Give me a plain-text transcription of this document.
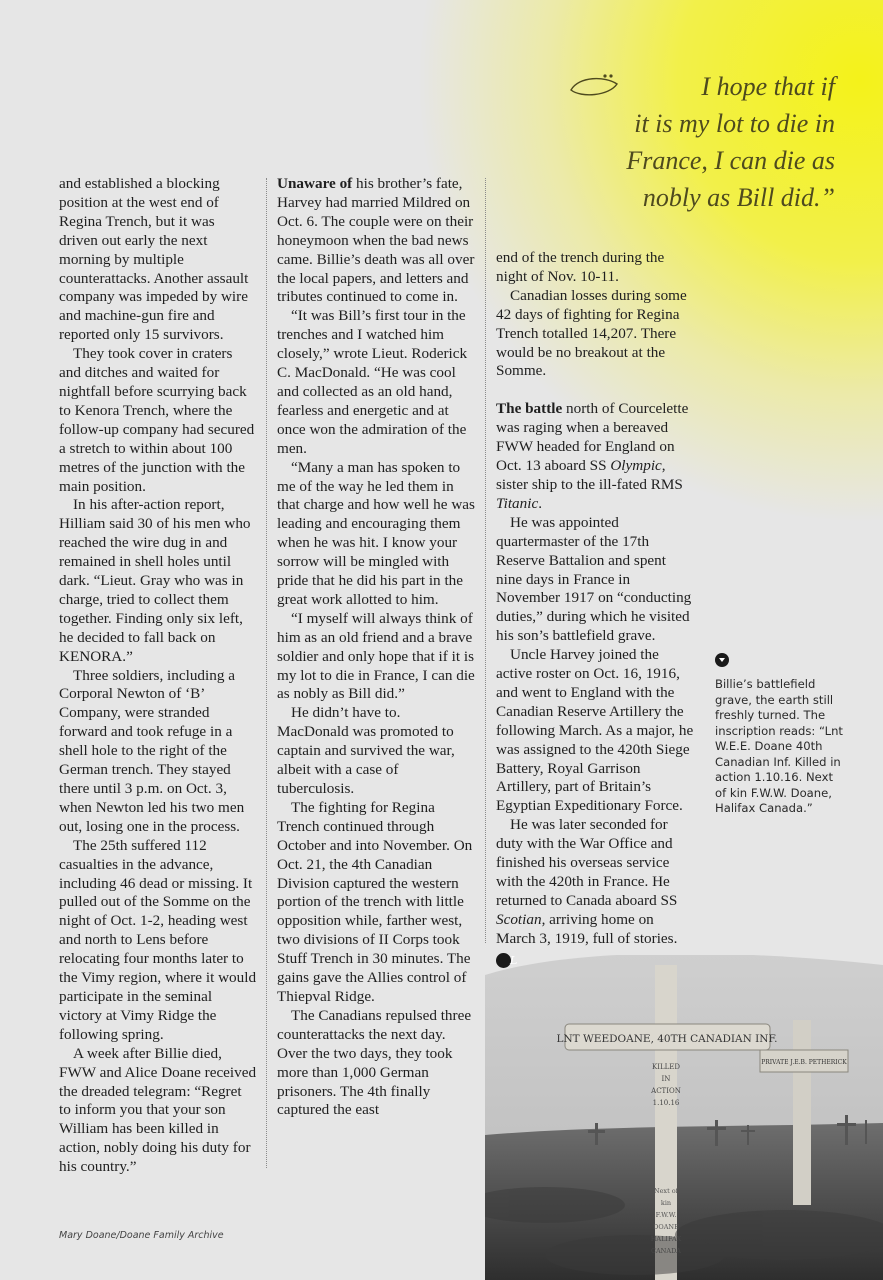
I hope that if
it is my lot to die in
France, I can die as
nobly as Bill did.”

and established a blocking position at the west end of Regina Trench, but it was driven out early the next morning by multiple counterattacks. Another assault company was impeded by wire and machine-gun fire and reported only 15 survivors.

They took cover in craters and ditches and waited for nightfall before scurrying back to Kenora Trench, where the follow-up company had secured a stretch to within about 100 metres of the junction with the main position.

In his after-action report, Hilliam said 30 of his men who reached the wire dug in and remained in shell holes until dark. “Lieut. Gray who was in charge, tried to collect them together. Finding only six left, he decided to fall back on KENORA.”

Three soldiers, including a Corporal Newton of ‘B’ Company, were stranded forward and took refuge in a shell hole to the right of the German trench. They stayed there until 3 p.m. on Oct. 3, when Newton led his two men out, losing one in the process.

The 25th suffered 112 casualties in the advance, including 46 dead or missing. It pulled out of the Somme on the night of Oct. 1-2, heading west and north to Lens before relocating four months later to the Vimy region, where it would participate in the seminal victory at Vimy Ridge the following spring.

A week after Billie died, FWW and Alice Doane received the dreaded telegram: “Regret to inform you that your son William has been killed in action, nobly doing his duty for his country.”

Unaware of his brother’s fate, Harvey had married Mildred on Oct. 6. The couple were on their honeymoon when the bad news came. Billie’s death was all over the local papers, and letters and tributes continued to come in.

“It was Bill’s first tour in the trenches and I watched him closely,” wrote Lieut. Roderick C. MacDonald. “He was cool and collected as an old hand, fearless and energetic and at once won the admiration of the men.

“Many a man has spoken to me of the way he led them in that charge and how well he was leading and encouraging them when he was hit. I know your sorrow will be mingled with pride that he did his part in the great work allotted to him.

“I myself will always think of him as an old friend and a brave soldier and only hope that if it is my lot to die in France, I can die as nobly as Bill did.”

He didn’t have to. MacDonald was promoted to captain and survived the war, albeit with a case of tuberculosis.

The fighting for Regina Trench continued through October and into November. On Oct. 21, the 4th Canadian Division captured the western portion of the trench with little opposition while, farther west, two divisions of II Corps took Stuff Trench in 30 minutes. The gains gave the Allies control of Thiepval Ridge.

The Canadians repulsed three counterattacks the next day. Over the two days, they took more than 1,000 German prisoners. The 4th finally captured the east

end of the trench during the night of Nov. 10-11.

Canadian losses during some 42 days of fighting for Regina Trench totalled 14,207. There would be no breakout at the Somme.

The battle north of Courcelette was raging when a bereaved FWW headed for England on Oct. 13 aboard SS Olympic, sister ship to the ill-fated RMS Titanic.

He was appointed quartermaster of the 17th Reserve Battalion and spent nine days in France in November 1917 on “conducting duties,” during which he visited his son’s battlefield grave.

Uncle Harvey joined the active roster on Oct. 16, 1916, and went to England with the Canadian Reserve Artillery the following March. As a major, he was assigned to the 420th Siege Battery, Royal Garrison Artillery, part of Britain’s Egyptian Expeditionary Force.

He was later seconded for duty with the War Office and finished his overseas service with the 420th in France. He returned to Canada aboard SS Scotian, arriving home on March 3, 1919, full of stories. L

Billie’s battlefield grave, the earth still freshly turned. The inscription reads: “Lnt W.E.E. Doane 40th Canadian Inf. Killed in action 1.10.16. Next of kin F.W.W. Doane, Halifax Canada.”
LNT WEEDOANE, 40TH CANADIAN INF.
KILLED
IN
ACTION
1.10.16
Next of
kin
F.W.W.
DOANE
PRIVATE J.E.B. PETHERICK
Mary Doane/Doane Family Archive
